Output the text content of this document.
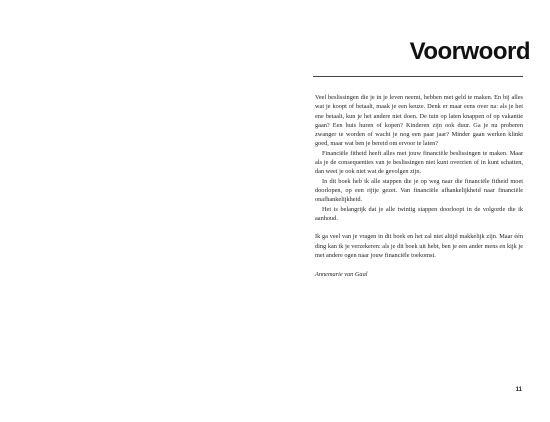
Voorwoord

Veel beslissingen die je in je leven neemt, hebben met geld te maken. En bij alles wat je koopt of betaalt, maak je een keuze. Denk er maar eens over na: als je het ene betaalt, kun je het andere niet doen. De tuin op laten knappen of op vakantie gaan? Een huis huren of kopen? Kinderen zijn ook duur. Ga je nu proberen zwanger te worden of wacht je nog een paar jaar? Minder gaan werken klinkt goed, maar wat ben je bereid om ervoor te laten?

Financiële fitheid heeft alles met jouw financiële beslissingen te maken. Maar als je de consequenties van je beslissingen niet kunt overzien of in kunt schatten, dan weet je ook niet wat de gevolgen zijn.

In dit boek heb ik alle stappen die je op weg naar die financiële fitheid moet doorlopen, op een rijtje gezet. Van financiële afhankelijkheid naar financiële onafhankelijkheid.

Het is belangrijk dat je alle twintig stappen doorloopt in de volgorde die ik aanhoud.

Ik ga veel van je vragen in dit boek en het zal niet altijd makkelijk zijn. Maar één ding kan ik je verzekeren: als je dit boek uit hebt, ben je een ander mens en kijk je met andere ogen naar jouw financiële toekomst.

Annemarie van Gaal

11
